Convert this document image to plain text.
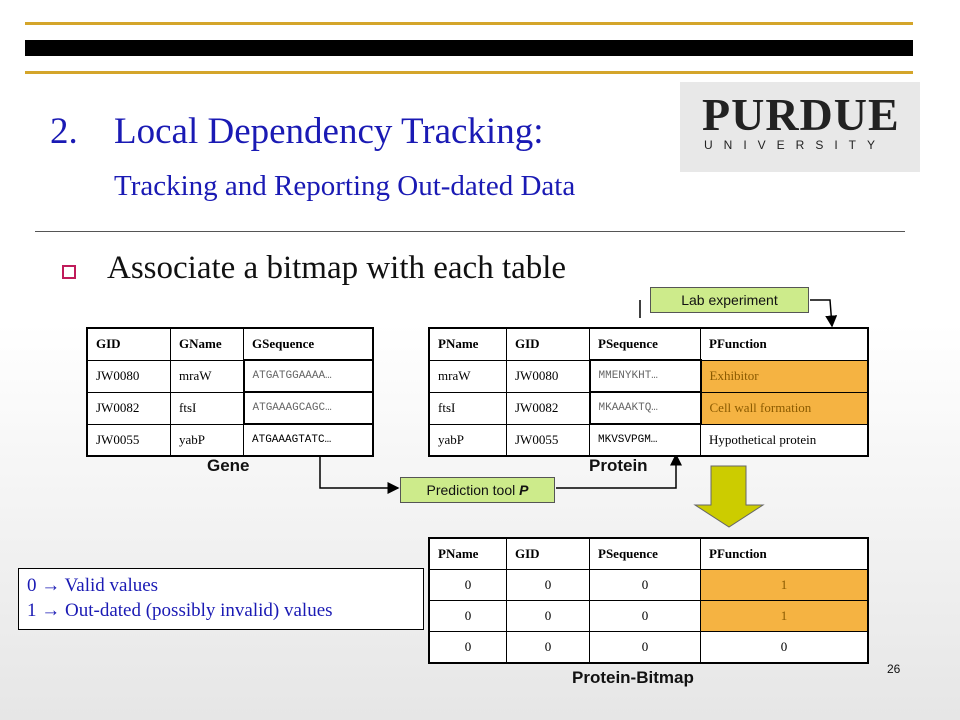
2. Local Dependency Tracking:
Tracking and Reporting Out-dated Data
PURDUE
UNIVERSITY
Associate a bitmap with each table
Lab experiment
GID	GName	GSequence
JW0080	mraW	ATGATGGAAAA…
JW0082	ftsI	ATGAAAGCAGC…
JW0055	yabP	ATGAAAGTATC…
Gene
PName	GID	PSequence	PFunction
mraW	JW0080	MMENYKHT…	Exhibitor
ftsI	JW0082	MKAAAKTQ…	Cell wall formation
yabP	JW0055	MKVSVPGM…	Hypothetical protein
Protein
Prediction tool P
PName	GID	PSequence	PFunction
0	0	0	1
0	0	0	1
0	0	0	0
Protein-Bitmap
0 → Valid values
1 → Out-dated (possibly invalid) values
26
